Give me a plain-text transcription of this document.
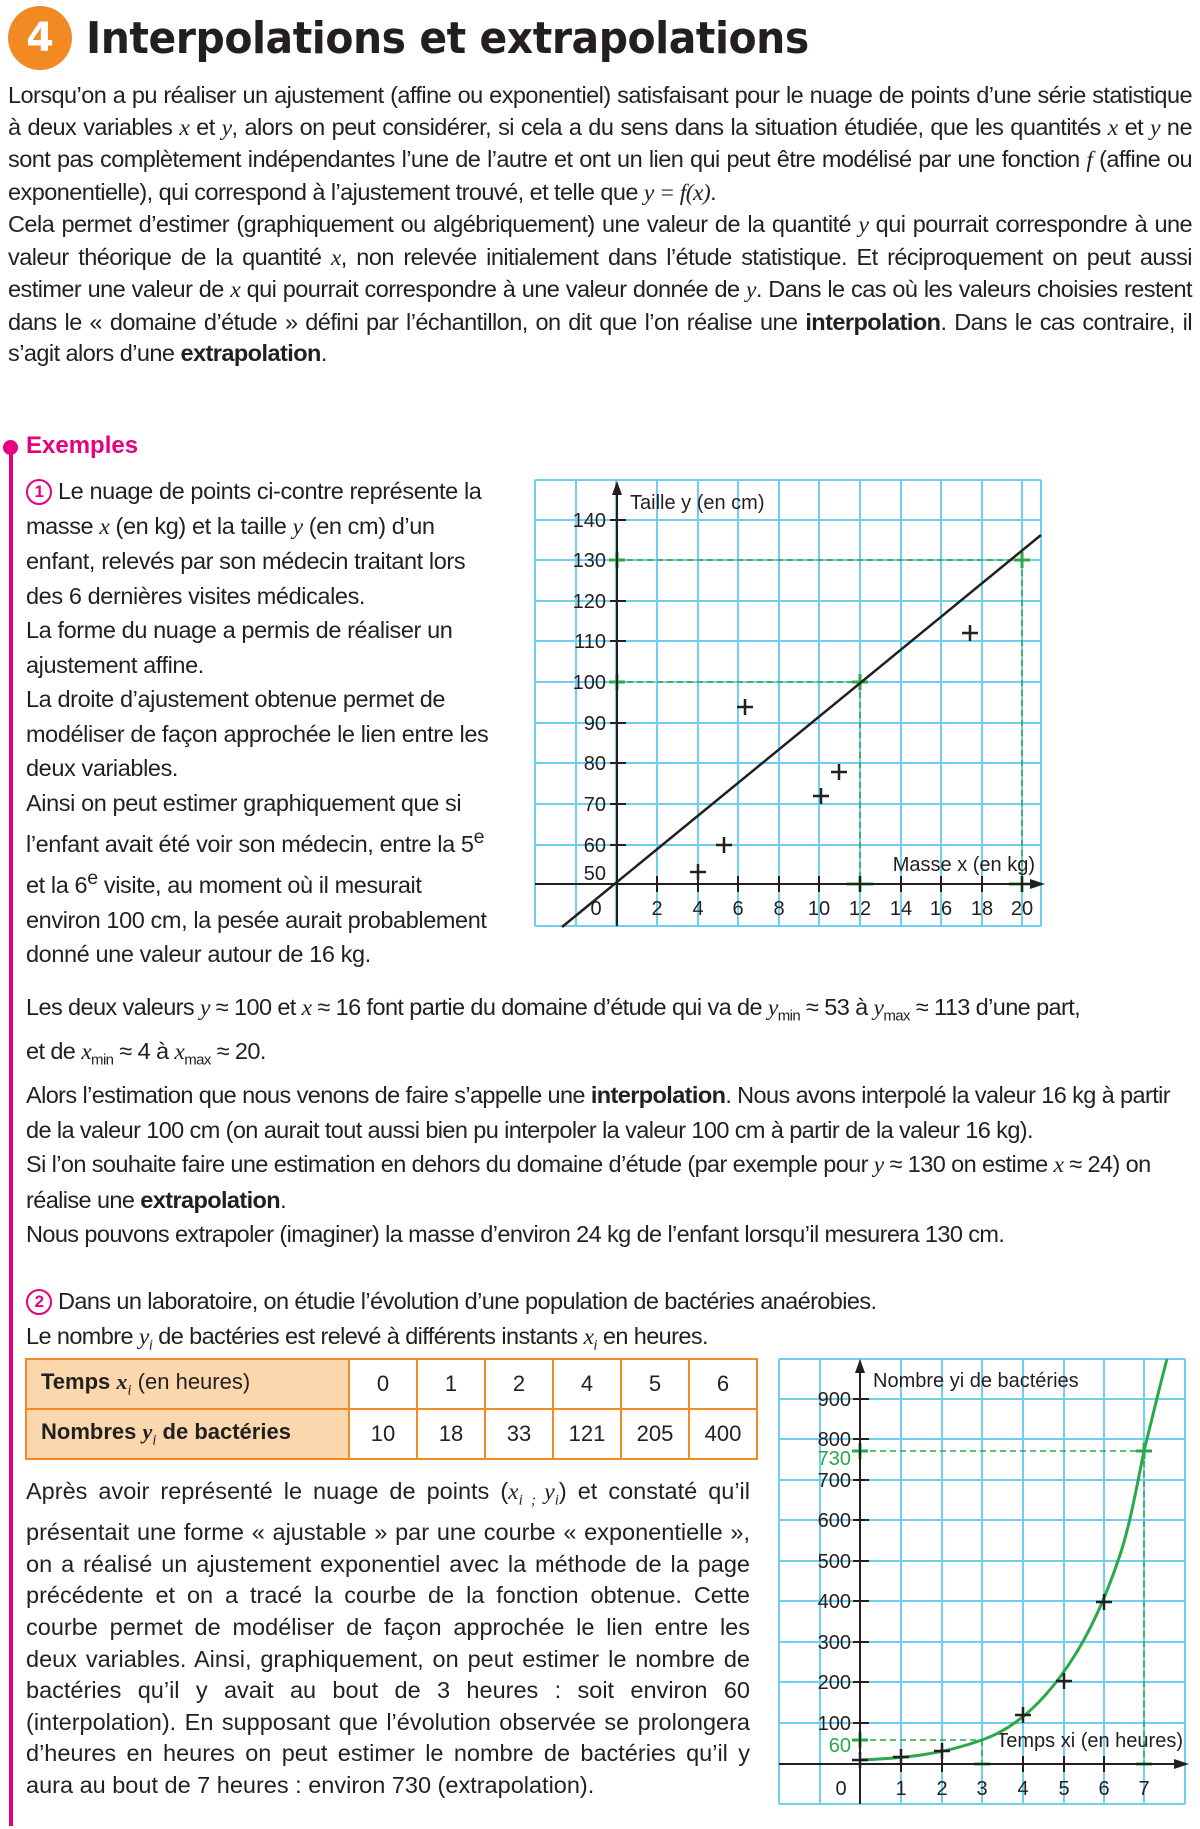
4 Interpolations et extrapolations

Lorsqu’on a pu réaliser un ajustement (affine ou exponentiel) satisfaisant pour le nuage de points d’une série statistique à deux variables x et y, alors on peut considérer, si cela a du sens dans la situation étudiée, que les quantités x et y ne sont pas complètement indépendantes l’une de l’autre et ont un lien qui peut être modélisé par une fonction f (affine ou exponentielle), qui correspond à l’ajustement trouvé, et telle que y = f(x).

Cela permet d’estimer (graphiquement ou algébriquement) une valeur de la quantité y qui pourrait correspondre à une valeur théorique de la quantité x, non relevée initialement dans l’étude statistique. Et réciproquement on peut aussi estimer une valeur de x qui pourrait correspondre à une valeur donnée de y. Dans le cas où les valeurs choisies restent dans le « domaine d’étude » défini par l’échantillon, on dit que l’on réalise une interpolation. Dans le cas contraire, il s’agit alors d’une extrapolation.

Exemples

1 Le nuage de points ci-contre représente la masse x (en kg) et la taille y (en cm) d’un enfant, relevés par son médecin traitant lors des 6 dernières visites médicales.

La forme du nuage a permis de réaliser un ajustement affine.

La droite d’ajustement obtenue permet de modéliser de façon approchée le lien entre les deux variables.

Ainsi on peut estimer graphiquement que si l’enfant avait été voir son médecin, entre la 5e et la 6e visite, au moment où il mesurait environ 100 cm, la pesée aurait probablement donné une valeur autour de 16 kg.

140
130
120
110
100
90
80
70
60
50
0 2 4 6 8 10 12 14 16 18 20
Taille y (en cm)
Masse x (en kg)

Les deux valeurs y ≈ 100 et x ≈ 16 font partie du domaine d’étude qui va de $y_{min} \approx 53$ à $y_{max} \approx 113$ d’une part,

et de $x_{min} \approx 4$ à $x_{max} \approx 20$.

Alors l’estimation que nous venons de faire s’appelle une interpolation. Nous avons interpolé la valeur 16 kg à partir de la valeur 100 cm (on aurait tout aussi bien pu interpoler la valeur 100 cm à partir de la valeur 16 kg).

Si l’on souhaite faire une estimation en dehors du domaine d’étude (par exemple pour y ≈ 130 on estime x ≈ 24) on réalise une extrapolation.

Nous pouvons extrapoler (imaginer) la masse d’environ 24 kg de l’enfant lorsqu’il mesurera 130 cm.

2 Dans un laboratoire, on étudie l’évolution d’une population de bactéries anaérobies.

Le nombre $y_i$ de bactéries est relevé à différents instants $x_i$ en heures.

Temps $x_i$ (en heures)	0	1	2	4	5	6
Nombres $y_i$ de bactéries	10	18	33	121	205	400

Après avoir représenté le nuage de points ($x_{i ;}$ $y_i$) et constaté qu’il présentait une forme « ajustable » par une courbe « exponentielle », on a réalisé un ajustement exponentiel avec la méthode de la page précédente et on a tracé la courbe de la fonction obtenue. Cette courbe permet de modéliser de façon approchée le lien entre les deux variables. Ainsi, graphiquement, on peut estimer le nombre de bactéries qu’il y avait au bout de 3 heures : soit environ 60 (interpolation). En supposant que l’évolution observée se prolongera d’heures en heures on peut estimer le nombre de bactéries qu’il y aura au bout de 7 heures : environ 730 (extrapolation).

900
800
700
600
500
400
300
200
100
730
60
0 1 2 3 4 5 6 7
Nombre yi de bactéries
Temps xi (en heures)
